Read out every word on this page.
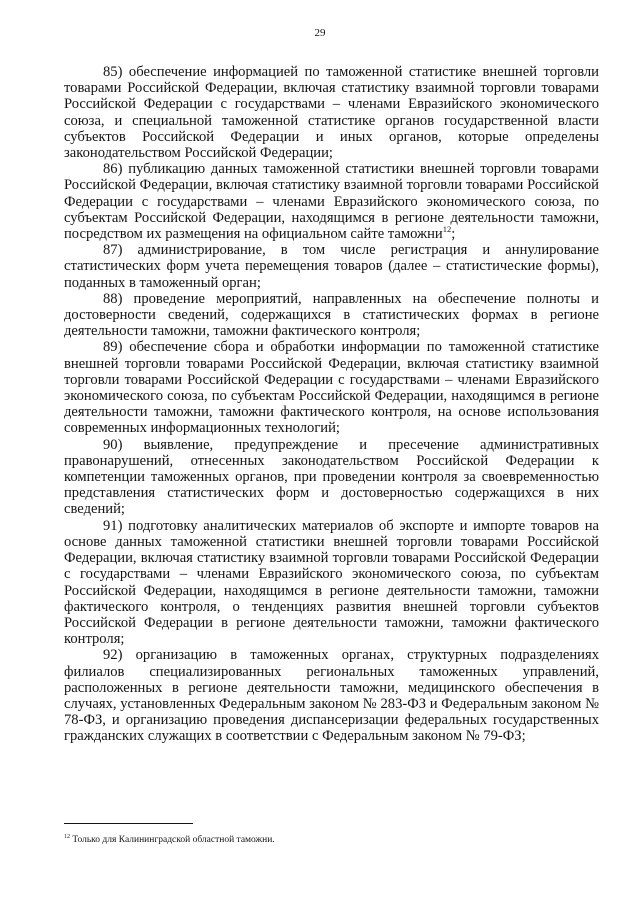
29

85) обеспечение информацией по таможенной статистике внешней торговли товарами Российской Федерации, включая статистику взаимной торговли товарами Российской Федерации с государствами – членами Евразийского экономического союза, и специальной таможенной статистике органов государственной власти субъектов Российской Федерации и иных органов, которые определены законодательством Российской Федерации;

86) публикацию данных таможенной статистики внешней торговли товарами Российской Федерации, включая статистику взаимной торговли товарами Российской Федерации с государствами – членами Евразийского экономического союза, по субъектам Российской Федерации, находящимся в регионе деятельности таможни, посредством их размещения на официальном сайте таможни$^{12}$;

87) администрирование, в том числе регистрация и аннулирование статистических форм учета перемещения товаров (далее – статистические формы), поданных в таможенный орган;

88) проведение мероприятий, направленных на обеспечение полноты и достоверности сведений, содержащихся в статистических формах в регионе деятельности таможни, таможни фактического контроля;

89) обеспечение сбора и обработки информации по таможенной статистике внешней торговли товарами Российской Федерации, включая статистику взаимной торговли товарами Российской Федерации с государствами – членами Евразийского экономического союза, по субъектам Российской Федерации, находящимся в регионе деятельности таможни, таможни фактического контроля, на основе использования современных информационных технологий;

90) выявление, предупреждение и пресечение административных правонарушений, отнесенных законодательством Российской Федерации к компетенции таможенных органов, при проведении контроля за своевременностью представления статистических форм и достоверностью содержащихся в них сведений;

91) подготовку аналитических материалов об экспорте и импорте товаров на основе данных таможенной статистики внешней торговли товарами Российской Федерации, включая статистику взаимной торговли товарами Российской Федерации с государствами – членами Евразийского экономического союза, по субъектам Российской Федерации, находящимся в регионе деятельности таможни, таможни фактического контроля, о тенденциях развития внешней торговли субъектов Российской Федерации в регионе деятельности таможни, таможни фактического контроля;

92) организацию в таможенных органах, структурных подразделениях филиалов специализированных региональных таможенных управлений, расположенных в регионе деятельности таможни, медицинского обеспечения в случаях, установленных Федеральным законом № 283-ФЗ и Федеральным законом № 78-ФЗ, и организацию проведения диспансеризации федеральных государственных гражданских служащих в соответствии с Федеральным законом № 79-ФЗ;

$^{12}$ Только для Калининградской областной таможни.
